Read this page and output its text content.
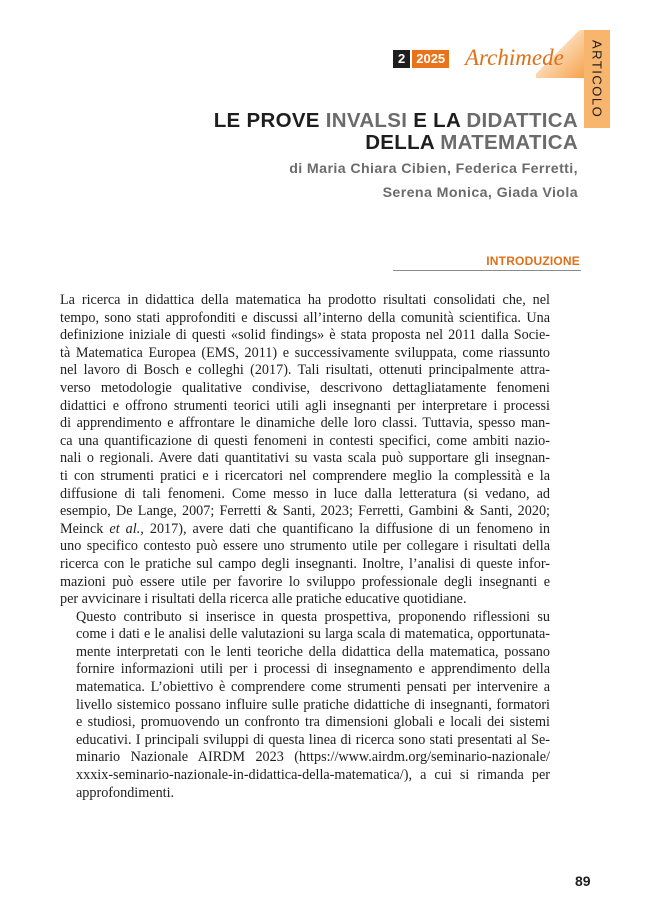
ARTICOLO
2 2025 Archimede
LE PROVE INVALSI E LA DIDATTICA
DELLA MATEMATICA
di Maria Chiara Cibien, Federica Ferretti,
Serena Monica, Giada Viola
INTRODUZIONE

La ricerca in didattica della matematica ha prodotto risultati consolidati che, nel
tempo, sono stati approfonditi e discussi all’interno della comunità scientifica. Una
definizione iniziale di questi «solid findings» è stata proposta nel 2011 dalla Socie-
tà Matematica Europea (EMS, 2011) e successivamente sviluppata, come riassunto
nel lavoro di Bosch e colleghi (2017). Tali risultati, ottenuti principalmente attra-
verso metodologie qualitative condivise, descrivono dettagliatamente fenomeni
didattici e offrono strumenti teorici utili agli insegnanti per interpretare i processi
di apprendimento e affrontare le dinamiche delle loro classi. Tuttavia, spesso man-
ca una quantificazione di questi fenomeni in contesti specifici, come ambiti nazio-
nali o regionali. Avere dati quantitativi su vasta scala può supportare gli insegnan-
ti con strumenti pratici e i ricercatori nel comprendere meglio la complessità e la
diffusione di tali fenomeni. Come messo in luce dalla letteratura (si vedano, ad
esempio, De Lange, 2007; Ferretti & Santi, 2023; Ferretti, Gambini & Santi, 2020;
Meinck et al., 2017), avere dati che quantificano la diffusione di un fenomeno in
uno specifico contesto può essere uno strumento utile per collegare i risultati della
ricerca con le pratiche sul campo degli insegnanti. Inoltre, l’analisi di queste infor-
mazioni può essere utile per favorire lo sviluppo professionale degli insegnanti e
per avvicinare i risultati della ricerca alle pratiche educative quotidiane.

Questo contributo si inserisce in questa prospettiva, proponendo riflessioni su
come i dati e le analisi delle valutazioni su larga scala di matematica, opportunata-
mente interpretati con le lenti teoriche della didattica della matematica, possano
fornire informazioni utili per i processi di insegnamento e apprendimento della
matematica. L’obiettivo è comprendere come strumenti pensati per intervenire a
livello sistemico possano influire sulle pratiche didattiche di insegnanti, formatori
e studiosi, promuovendo un confronto tra dimensioni globali e locali dei sistemi
educativi. I principali sviluppi di questa linea di ricerca sono stati presentati al Se-
minario Nazionale AIRDM 2023 (https://www.airdm.org/seminario-nazionale/
xxxix-seminario-nazionale-in-didattica-della-matematica/), a cui si rimanda per
approfondimenti.

89
